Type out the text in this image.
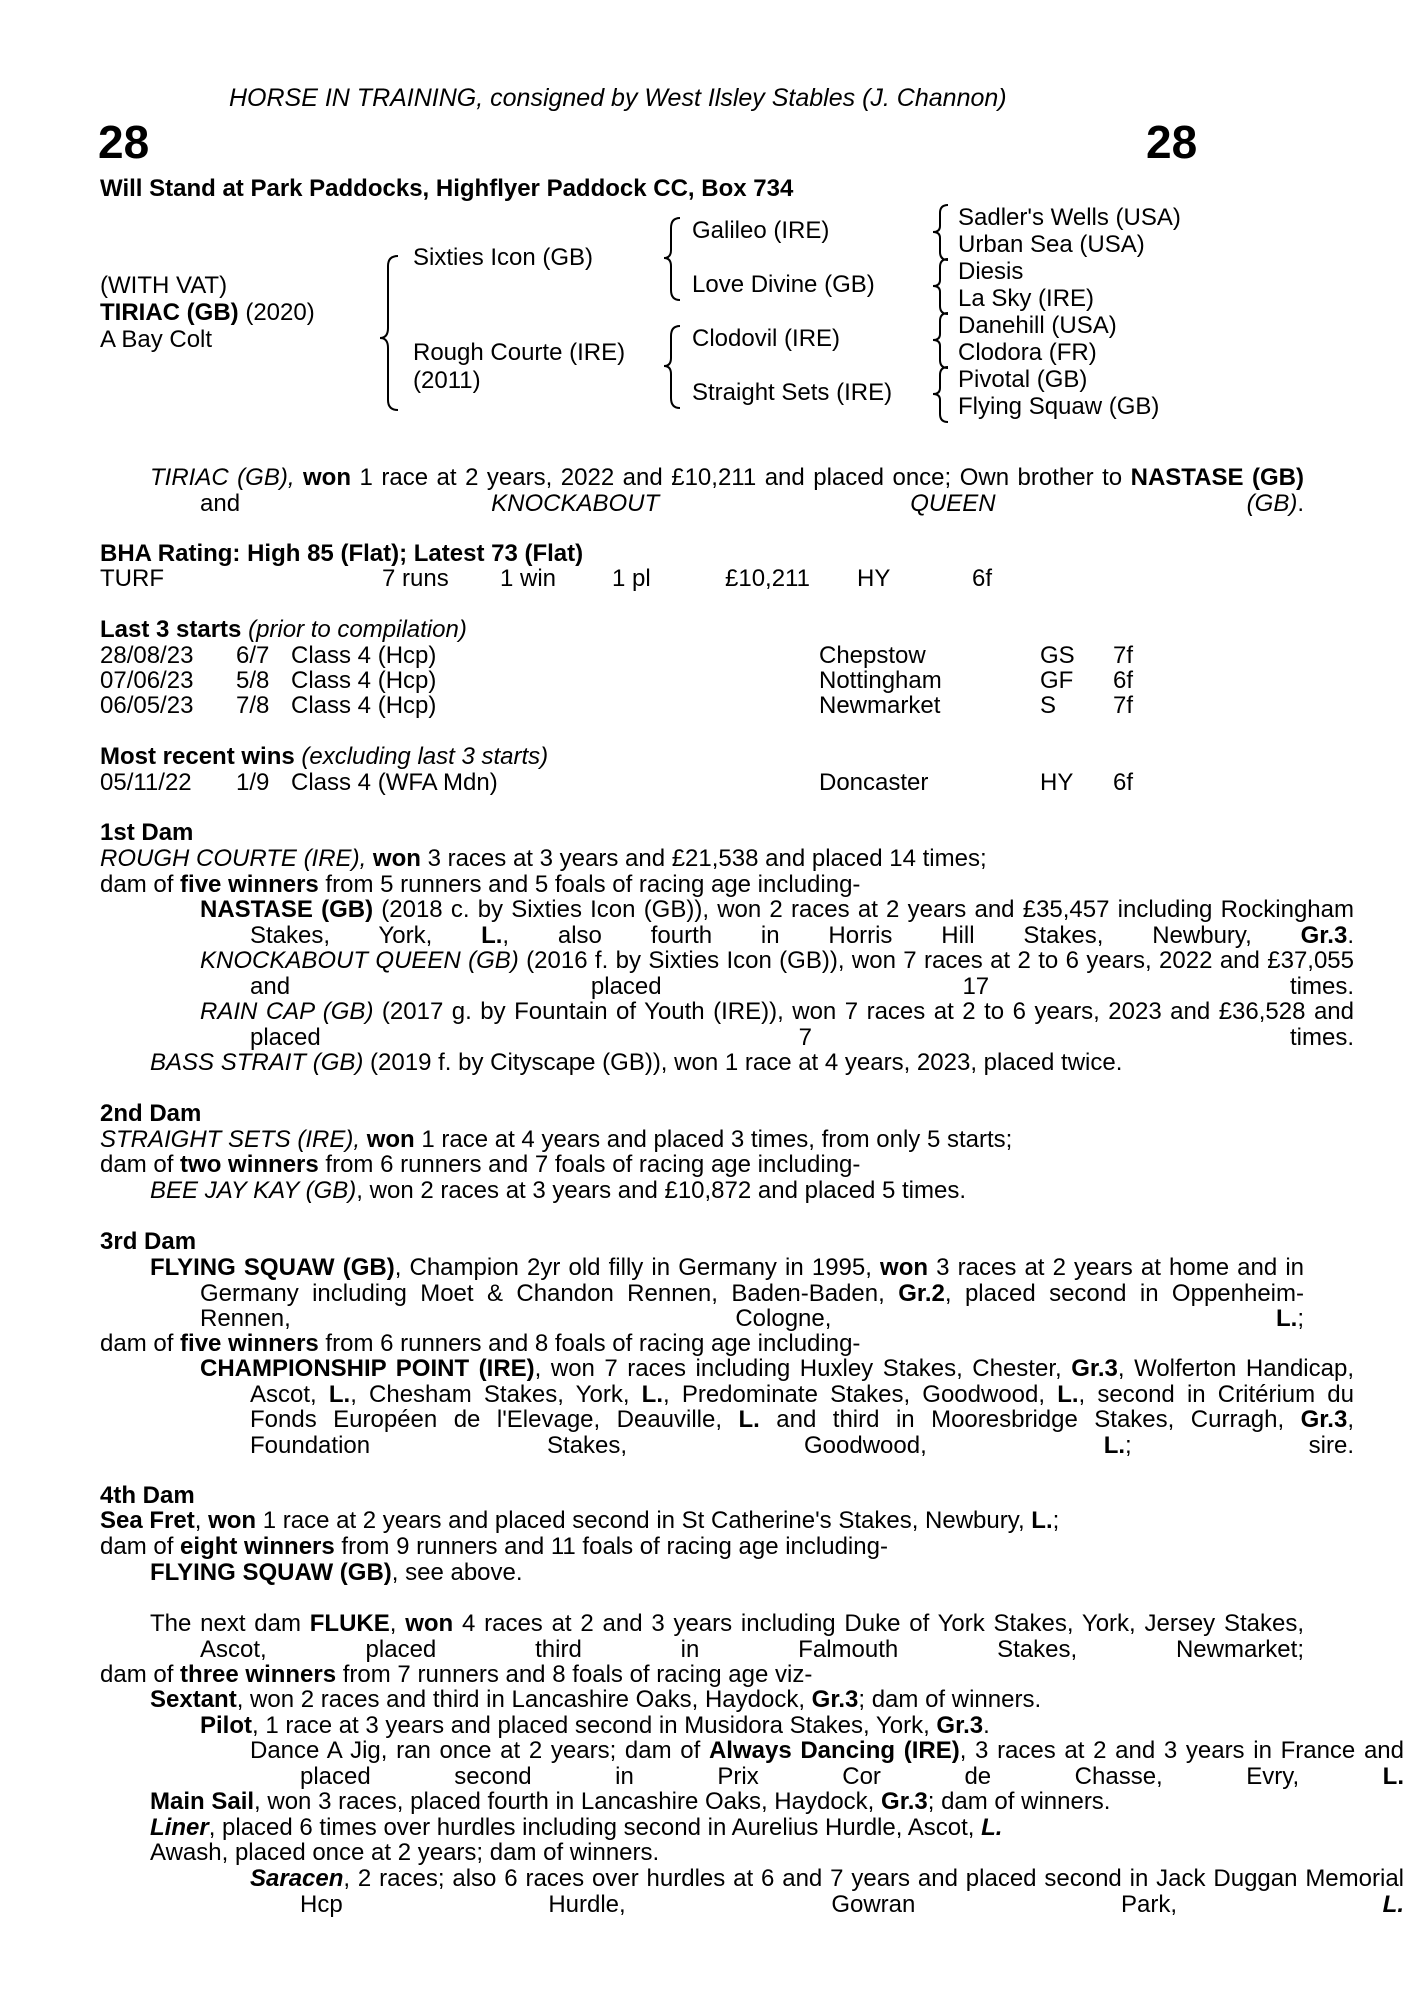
HORSE IN TRAINING, consigned by West Ilsley Stables (J. Channon)
28	28
Will Stand at Park Paddocks, Highflyer Paddock CC, Box 734
(WITH VAT)
TIRIAC (GB) (2020)
A Bay Colt
Sixties Icon (GB)
Rough Courte (IRE)
(2011)
Galileo (IRE)
Love Divine (GB)
Clodovil (IRE)
Straight Sets (IRE)
Sadler's Wells (USA)
Urban Sea (USA)
Diesis
La Sky (IRE)
Danehill (USA)
Clodora (FR)
Pivotal (GB)
Flying Squaw (GB)
TIRIAC (GB), won 1 race at 2 years, 2022 and £10,211 and placed once; Own brother to NASTASE (GB) and KNOCKABOUT QUEEN (GB).
BHA Rating: High 85 (Flat); Latest 73 (Flat)
TURF	7 runs 1 win 1 pl	£10,211 HY	6f
Last 3 starts (prior to compilation)
28/08/23 6/7 Class 4 (Hcp)	Chepstow	GS 7f
07/06/23 5/8 Class 4 (Hcp)	Nottingham	GF 6f
06/05/23 7/8 Class 4 (Hcp)	Newmarket	S 7f
Most recent wins (excluding last 3 starts)
05/11/22 1/9 Class 4 (WFA Mdn)	Doncaster	HY 6f
1st Dam
ROUGH COURTE (IRE), won 3 races at 3 years and £21,538 and placed 14 times;
dam of five winners from 5 runners and 5 foals of racing age including-
NASTASE (GB) (2018 c. by Sixties Icon (GB)), won 2 races at 2 years and £35,457 including Rockingham Stakes, York, L., also fourth in Horris Hill Stakes, Newbury, Gr.3.
KNOCKABOUT QUEEN (GB) (2016 f. by Sixties Icon (GB)), won 7 races at 2 to 6 years, 2022 and £37,055 and placed 17 times.
RAIN CAP (GB) (2017 g. by Fountain of Youth (IRE)), won 7 races at 2 to 6 years, 2023 and £36,528 and placed 7 times.
BASS STRAIT (GB) (2019 f. by Cityscape (GB)), won 1 race at 4 years, 2023, placed twice.
2nd Dam
STRAIGHT SETS (IRE), won 1 race at 4 years and placed 3 times, from only 5 starts;
dam of two winners from 6 runners and 7 foals of racing age including-
BEE JAY KAY (GB), won 2 races at 3 years and £10,872 and placed 5 times.
3rd Dam
FLYING SQUAW (GB), Champion 2yr old filly in Germany in 1995, won 3 races at 2 years at home and in Germany including Moet & Chandon Rennen, Baden-Baden, Gr.2, placed second in Oppenheim-Rennen, Cologne, L.;
dam of five winners from 6 runners and 8 foals of racing age including-
CHAMPIONSHIP POINT (IRE), won 7 races including Huxley Stakes, Chester, Gr.3, Wolferton Handicap, Ascot, L., Chesham Stakes, York, L., Predominate Stakes, Goodwood, L., second in Critérium du Fonds Européen de l'Elevage, Deauville, L. and third in Mooresbridge Stakes, Curragh, Gr.3, Foundation Stakes, Goodwood, L.; sire.
4th Dam
Sea Fret, won 1 race at 2 years and placed second in St Catherine's Stakes, Newbury, L.;
dam of eight winners from 9 runners and 11 foals of racing age including-
FLYING SQUAW (GB), see above.
The next dam FLUKE, won 4 races at 2 and 3 years including Duke of York Stakes, York, Jersey Stakes, Ascot, placed third in Falmouth Stakes, Newmarket;
dam of three winners from 7 runners and 8 foals of racing age viz-
Sextant, won 2 races and third in Lancashire Oaks, Haydock, Gr.3; dam of winners.
Pilot, 1 race at 3 years and placed second in Musidora Stakes, York, Gr.3.
Dance A Jig, ran once at 2 years; dam of Always Dancing (IRE), 3 races at 2 and 3 years in France and placed second in Prix Cor de Chasse, Evry, L.
Main Sail, won 3 races, placed fourth in Lancashire Oaks, Haydock, Gr.3; dam of winners.
Liner, placed 6 times over hurdles including second in Aurelius Hurdle, Ascot, L.
Awash, placed once at 2 years; dam of winners.
Saracen, 2 races; also 6 races over hurdles at 6 and 7 years and placed second in Jack Duggan Memorial Hcp Hurdle, Gowran Park, L.
